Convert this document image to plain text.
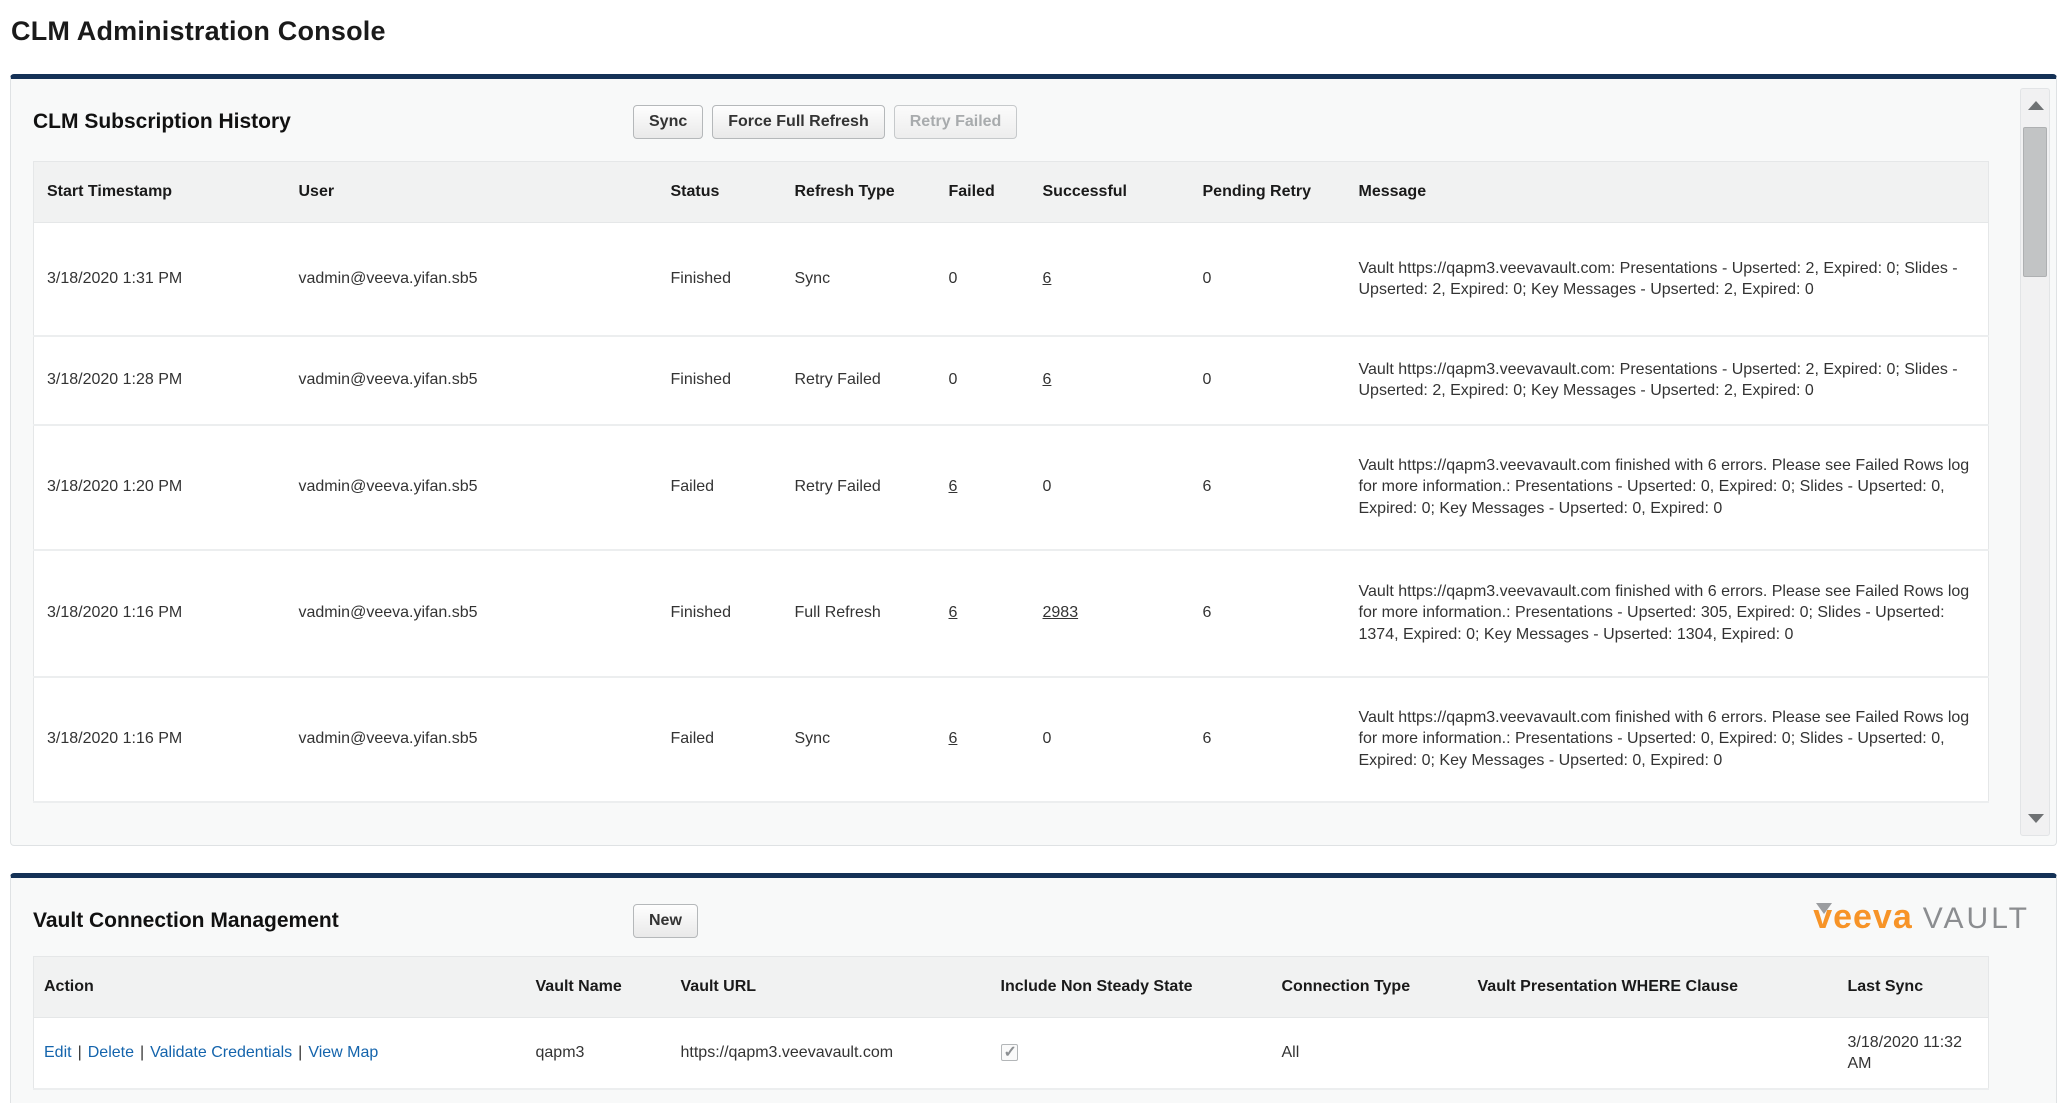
CLM Administration Console
CLM Subscription History	Sync	Force Full Refresh	Retry Failed
Start Timestamp	User	Status	Refresh Type	Failed	Successful	Pending Retry	Message
3/18/2020 1:31 PM	vadmin@veeva.yifan.sb5	Finished	Sync	0	6	0	Vault https://qapm3.veevavault.com: Presentations - Upserted: 2, Expired: 0; Slides - Upserted: 2, Expired: 0; Key Messages - Upserted: 2, Expired: 0
3/18/2020 1:28 PM	vadmin@veeva.yifan.sb5	Finished	Retry Failed	0	6	0	Vault https://qapm3.veevavault.com: Presentations - Upserted: 2, Expired: 0; Slides - Upserted: 2, Expired: 0; Key Messages - Upserted: 2, Expired: 0
3/18/2020 1:20 PM	vadmin@veeva.yifan.sb5	Failed	Retry Failed	6	0	6	Vault https://qapm3.veevavault.com finished with 6 errors. Please see Failed Rows log for more information.: Presentations - Upserted: 0, Expired: 0; Slides - Upserted: 0, Expired: 0; Key Messages - Upserted: 0, Expired: 0
3/18/2020 1:16 PM	vadmin@veeva.yifan.sb5	Finished	Full Refresh	6	2983	6	Vault https://qapm3.veevavault.com finished with 6 errors. Please see Failed Rows log for more information.: Presentations - Upserted: 305, Expired: 0; Slides - Upserted: 1374, Expired: 0; Key Messages - Upserted: 1304, Expired: 0
3/18/2020 1:16 PM	vadmin@veeva.yifan.sb5	Failed	Sync	6	0	6	Vault https://qapm3.veevavault.com finished with 6 errors. Please see Failed Rows log for more information.: Presentations - Upserted: 0, Expired: 0; Slides - Upserted: 0, Expired: 0; Key Messages - Upserted: 0, Expired: 0
Vault Connection Management	New	veeva VAULT
Action	Vault Name	Vault URL	Include Non Steady State	Connection Type	Vault Presentation WHERE Clause	Last Sync
Edit | Delete | Validate Credentials | View Map	qapm3	https://qapm3.veevavault.com	✓	All		3/18/2020 11:32 AM
